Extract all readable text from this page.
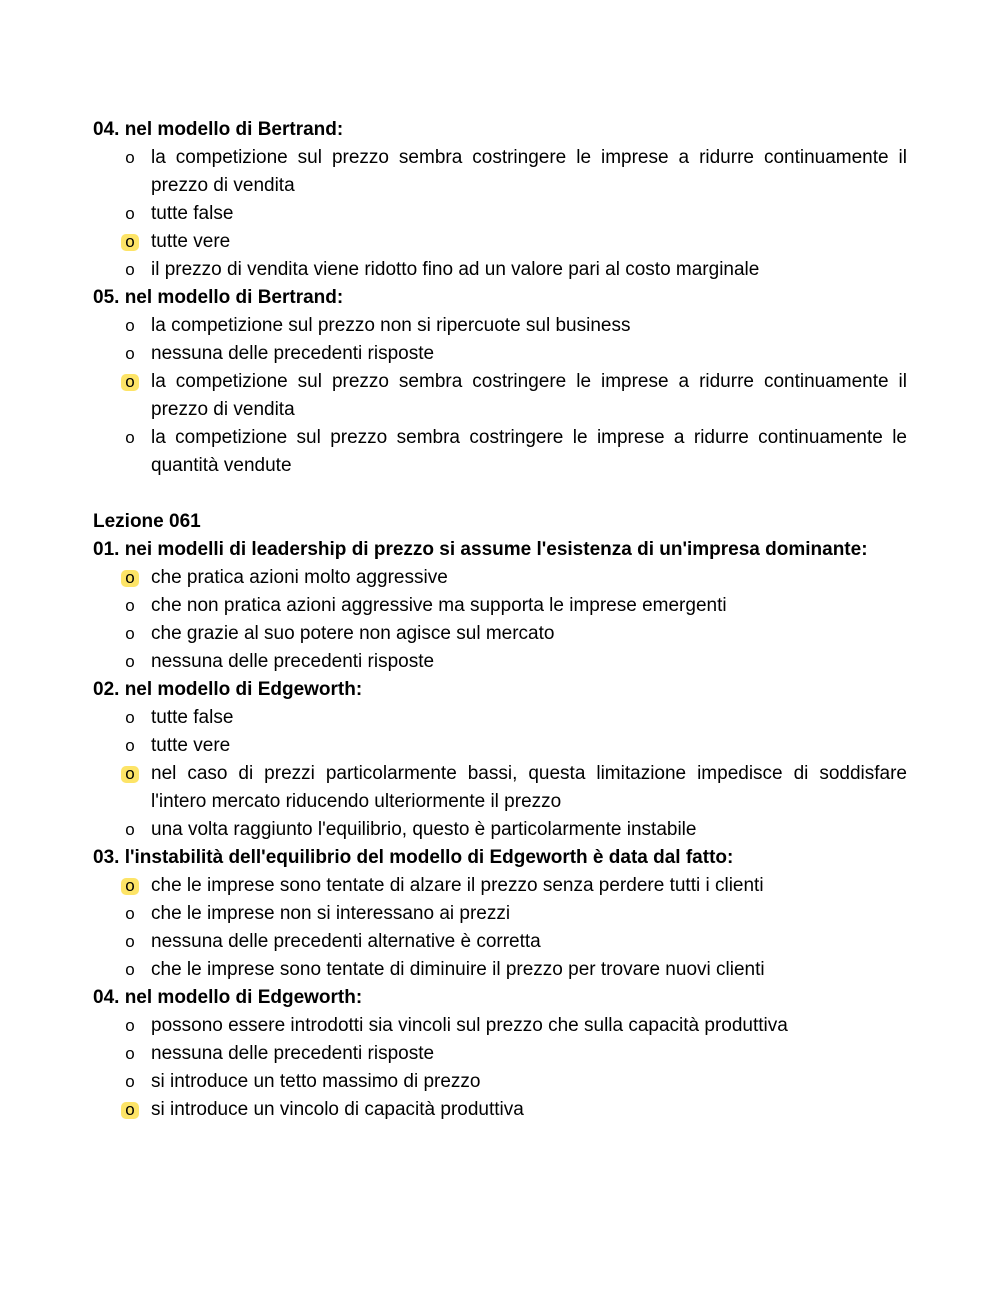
04. nel modello di Bertrand:
o la competizione sul prezzo sembra costringere le imprese a ridurre continuamente il prezzo di vendita
o tutte false
o tutte vere
o il prezzo di vendita viene ridotto fino ad un valore pari al costo marginale
05. nel modello di Bertrand:
o la competizione sul prezzo non si ripercuote sul business
o nessuna delle precedenti risposte
o la competizione sul prezzo sembra costringere le imprese a ridurre continuamente il prezzo di vendita
o la competizione sul prezzo sembra costringere le imprese a ridurre continuamente le quantità vendute
Lezione 061
01. nei modelli di leadership di prezzo si assume l'esistenza di un'impresa dominante:
o che pratica azioni molto aggressive
o che non pratica azioni aggressive ma supporta le imprese emergenti
o che grazie al suo potere non agisce sul mercato
o nessuna delle precedenti risposte
02. nel modello di Edgeworth:
o tutte false
o tutte vere
o nel caso di prezzi particolarmente bassi, questa limitazione impedisce di soddisfare l'intero mercato riducendo ulteriormente il prezzo
o una volta raggiunto l'equilibrio, questo è particolarmente instabile
03. l'instabilità dell'equilibrio del modello di Edgeworth è data dal fatto:
o che le imprese sono tentate di alzare il prezzo senza perdere tutti i clienti
o che le imprese non si interessano ai prezzi
o nessuna delle precedenti alternative è corretta
o che le imprese sono tentate di diminuire il prezzo per trovare nuovi clienti
04. nel modello di Edgeworth:
o possono essere introdotti sia vincoli sul prezzo che sulla capacità produttiva
o nessuna delle precedenti risposte
o si introduce un tetto massimo di prezzo
o si introduce un vincolo di capacità produttiva
